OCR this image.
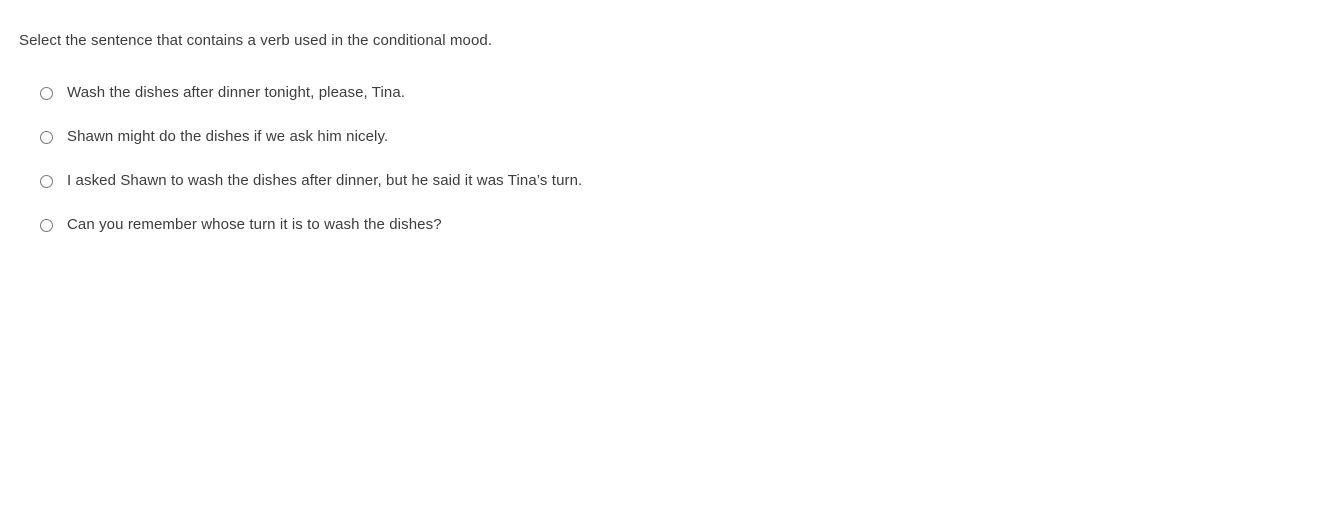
Select the sentence that contains a verb used in the conditional mood.
Wash the dishes after dinner tonight, please, Tina.
Shawn might do the dishes if we ask him nicely.
I asked Shawn to wash the dishes after dinner, but he said it was Tina’s turn.
Can you remember whose turn it is to wash the dishes?
